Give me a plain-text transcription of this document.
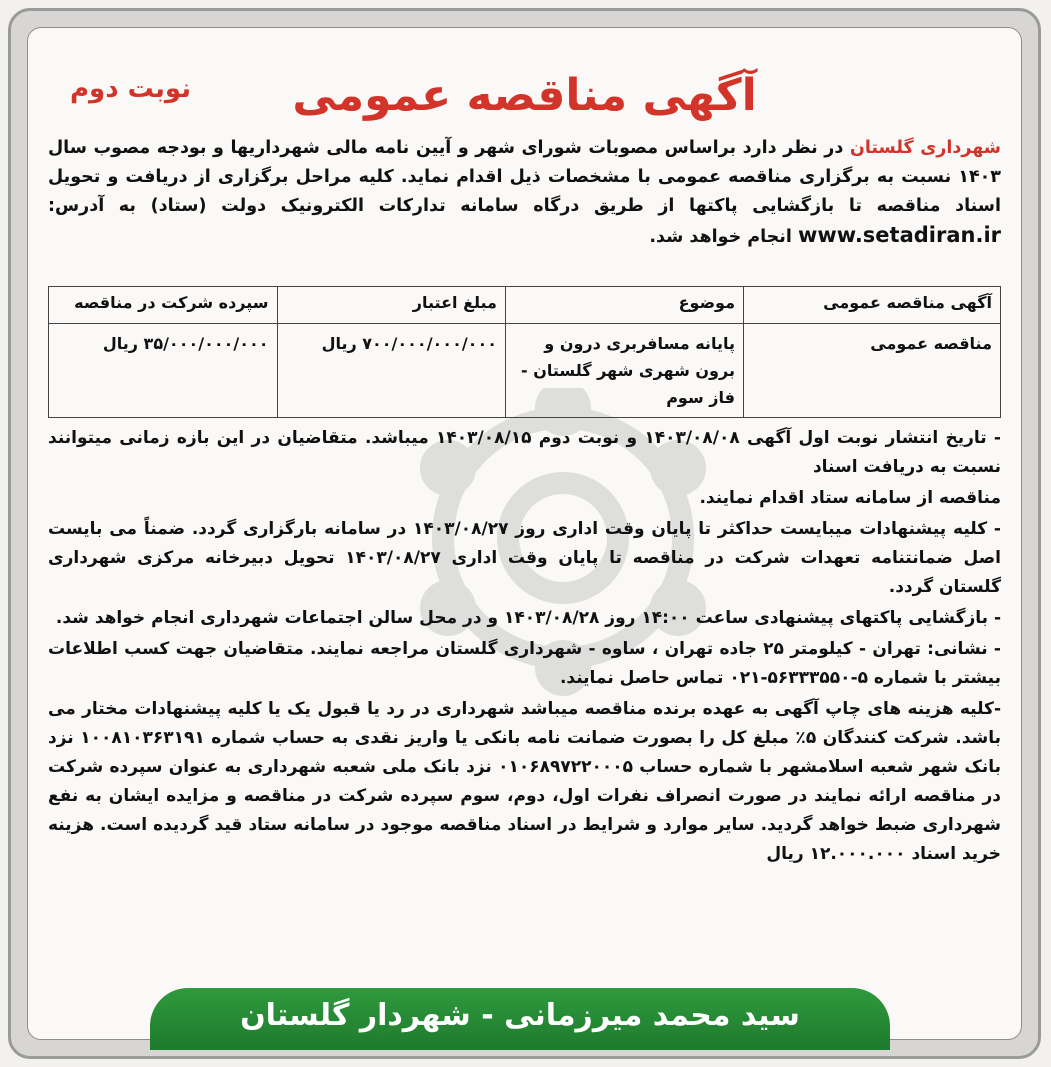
نوبت دوم	آگهی مناقصه عمومی
شهرداری گلستان در نظر دارد براساس مصوبات شورای شهر و آیین نامه مالی شهرداریها و بودجه مصوب سال ۱۴۰۳ نسبت به برگزاری مناقصه عمومی با مشخصات ذیل اقدام نماید. کلیه مراحل برگزاری از دریافت و تحویل اسناد مناقصه تا بازگشایی پاکتها از طریق درگاه سامانه تدارکات الکترونیک دولت (ستاد) به آدرس: www.setadiran.ir انجام خواهد شد.
آگهی مناقصه عمومی	موضوع	مبلغ اعتبار	سپرده شرکت در مناقصه
مناقصه عمومی	پایانه مسافربری درون و برون شهری شهر گلستان - فاز سوم	۷۰۰/۰۰۰/۰۰۰/۰۰۰ ریال	۳۵/۰۰۰/۰۰۰/۰۰۰ ریال

- تاریخ انتشار نوبت اول آگهی ۱۴۰۳/۰۸/۰۸ و نوبت دوم ۱۴۰۳/۰۸/۱۵ میباشد. متقاضیان در این بازه زمانی میتوانند نسبت به دریافت اسناد

مناقصه از سامانه ستاد اقدام نمایند.

- کلیه پیشنهادات میبایست حداکثر تا پایان وقت اداری روز ۱۴۰۳/۰۸/۲۷ در سامانه بارگزاری گردد. ضمناً می بایست اصل ضمانتنامه تعهدات شرکت در مناقصه تا پایان وقت اداری ۱۴۰۳/۰۸/۲۷ تحویل دبیرخانه مرکزی شهرداری گلستان گردد.

- بازگشایی پاکتهای پیشنهادی ساعت ۱۴:۰۰ روز ۱۴۰۳/۰۸/۲۸ و در محل سالن اجتماعات شهرداری انجام خواهد شد.

- نشانی: تهران - کیلومتر ۲۵ جاده تهران ، ساوه - شهرداری گلستان مراجعه نمایند. متقاضیان جهت کسب اطلاعات بیشتر با شماره ۵-۵۶۳۳۳۵۵۰-۰۲۱ تماس حاصل نمایند.

-کلیه هزینه های چاپ آگهی به عهده برنده مناقصه میباشد شهرداری در رد یا قبول یک یا کلیه پیشنهادات مختار می باشد. شرکت کنندگان ۵٪ مبلغ کل را بصورت ضمانت نامه بانکی یا واریز نقدی به حساب شماره ۱۰۰۸۱۰۳۶۳۱۹۱ نزد بانک شهر شعبه اسلامشهر با شماره حساب ۰۱۰۶۸۹۷۲۲۰۰۰۵ نزد بانک ملی شعبه شهرداری به عنوان سپرده شرکت در مناقصه ارائه نمایند در صورت انصراف نفرات اول، دوم، سوم سپرده شرکت در مناقصه و مزایده ایشان به نفع شهرداری ضبط خواهد گردید. سایر موارد و شرایط در اسناد مناقصه موجود در سامانه ستاد قید گردیده است. هزینه خرید اسناد ۱۲.۰۰۰.۰۰۰ ریال

سید محمد میرزمانی - شهردار گلستان
